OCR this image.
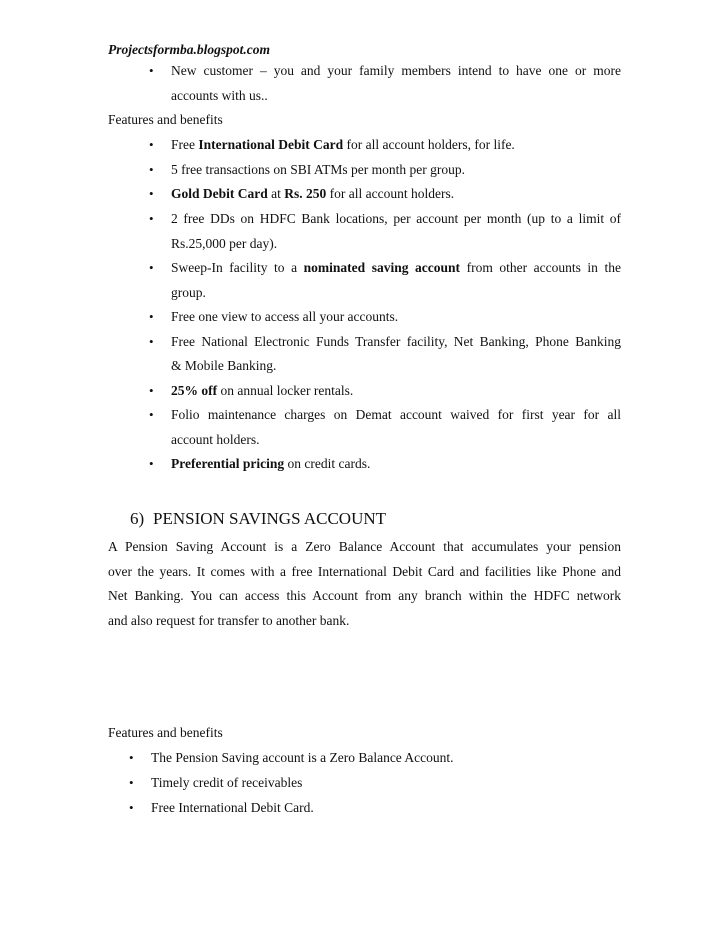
Projectsformba.blogspot.com
• New customer – you and your family members intend to have one or more
accounts with us..
Features and benefits
• Free International Debit Card for all account holders, for life.
• 5 free transactions on SBI ATMs per month per group.
• Gold Debit Card at Rs. 250 for all account holders.
• 2 free DDs on HDFC Bank locations, per account per month (up to a limit of
Rs.25,000 per day).
• Sweep-In facility to a nominated saving account from other accounts in the
group.
• Free one view to access all your accounts.
• Free National Electronic Funds Transfer facility, Net Banking, Phone Banking
& Mobile Banking.
• 25% off on annual locker rentals.
• Folio maintenance charges on Demat account waived for first year for all
account holders.
• Preferential pricing on credit cards.
6) PENSION SAVINGS ACCOUNT
A Pension Saving Account is a Zero Balance Account that accumulates your pension
over the years. It comes with a free International Debit Card and facilities like Phone and
Net Banking. You can access this Account from any branch within the HDFC network
and also request for transfer to another bank.
Features and benefits
• The Pension Saving account is a Zero Balance Account.
• Timely credit of receivables
• Free International Debit Card.
